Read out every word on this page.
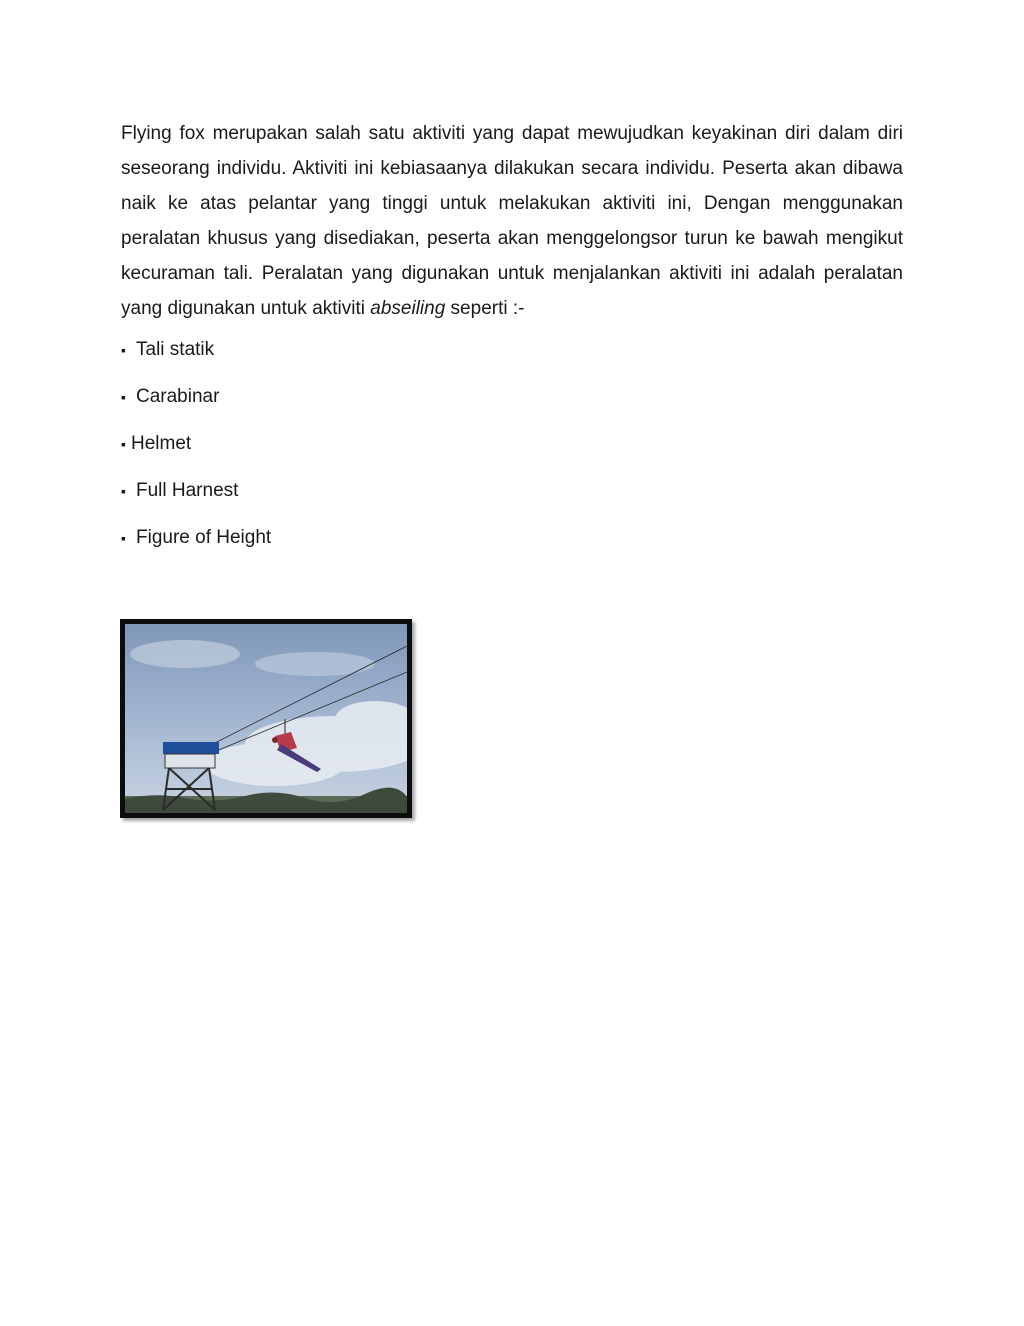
Flying fox merupakan salah satu aktiviti yang dapat mewujudkan keyakinan diri dalam diri seseorang individu. Aktiviti ini kebiasaanya dilakukan secara individu. Peserta akan dibawa naik ke atas pelantar yang tinggi untuk melakukan aktiviti ini, Dengan menggunakan peralatan khusus yang disediakan, peserta akan menggelongsor turun ke bawah mengikut kecuraman tali. Peralatan yang digunakan untuk menjalankan aktiviti ini adalah peralatan yang digunakan untuk aktiviti abseiling seperti :-

▪ Tali statik
▪ Carabinar
▪ Helmet
▪ Full Harnest
▪ Figure of Height
